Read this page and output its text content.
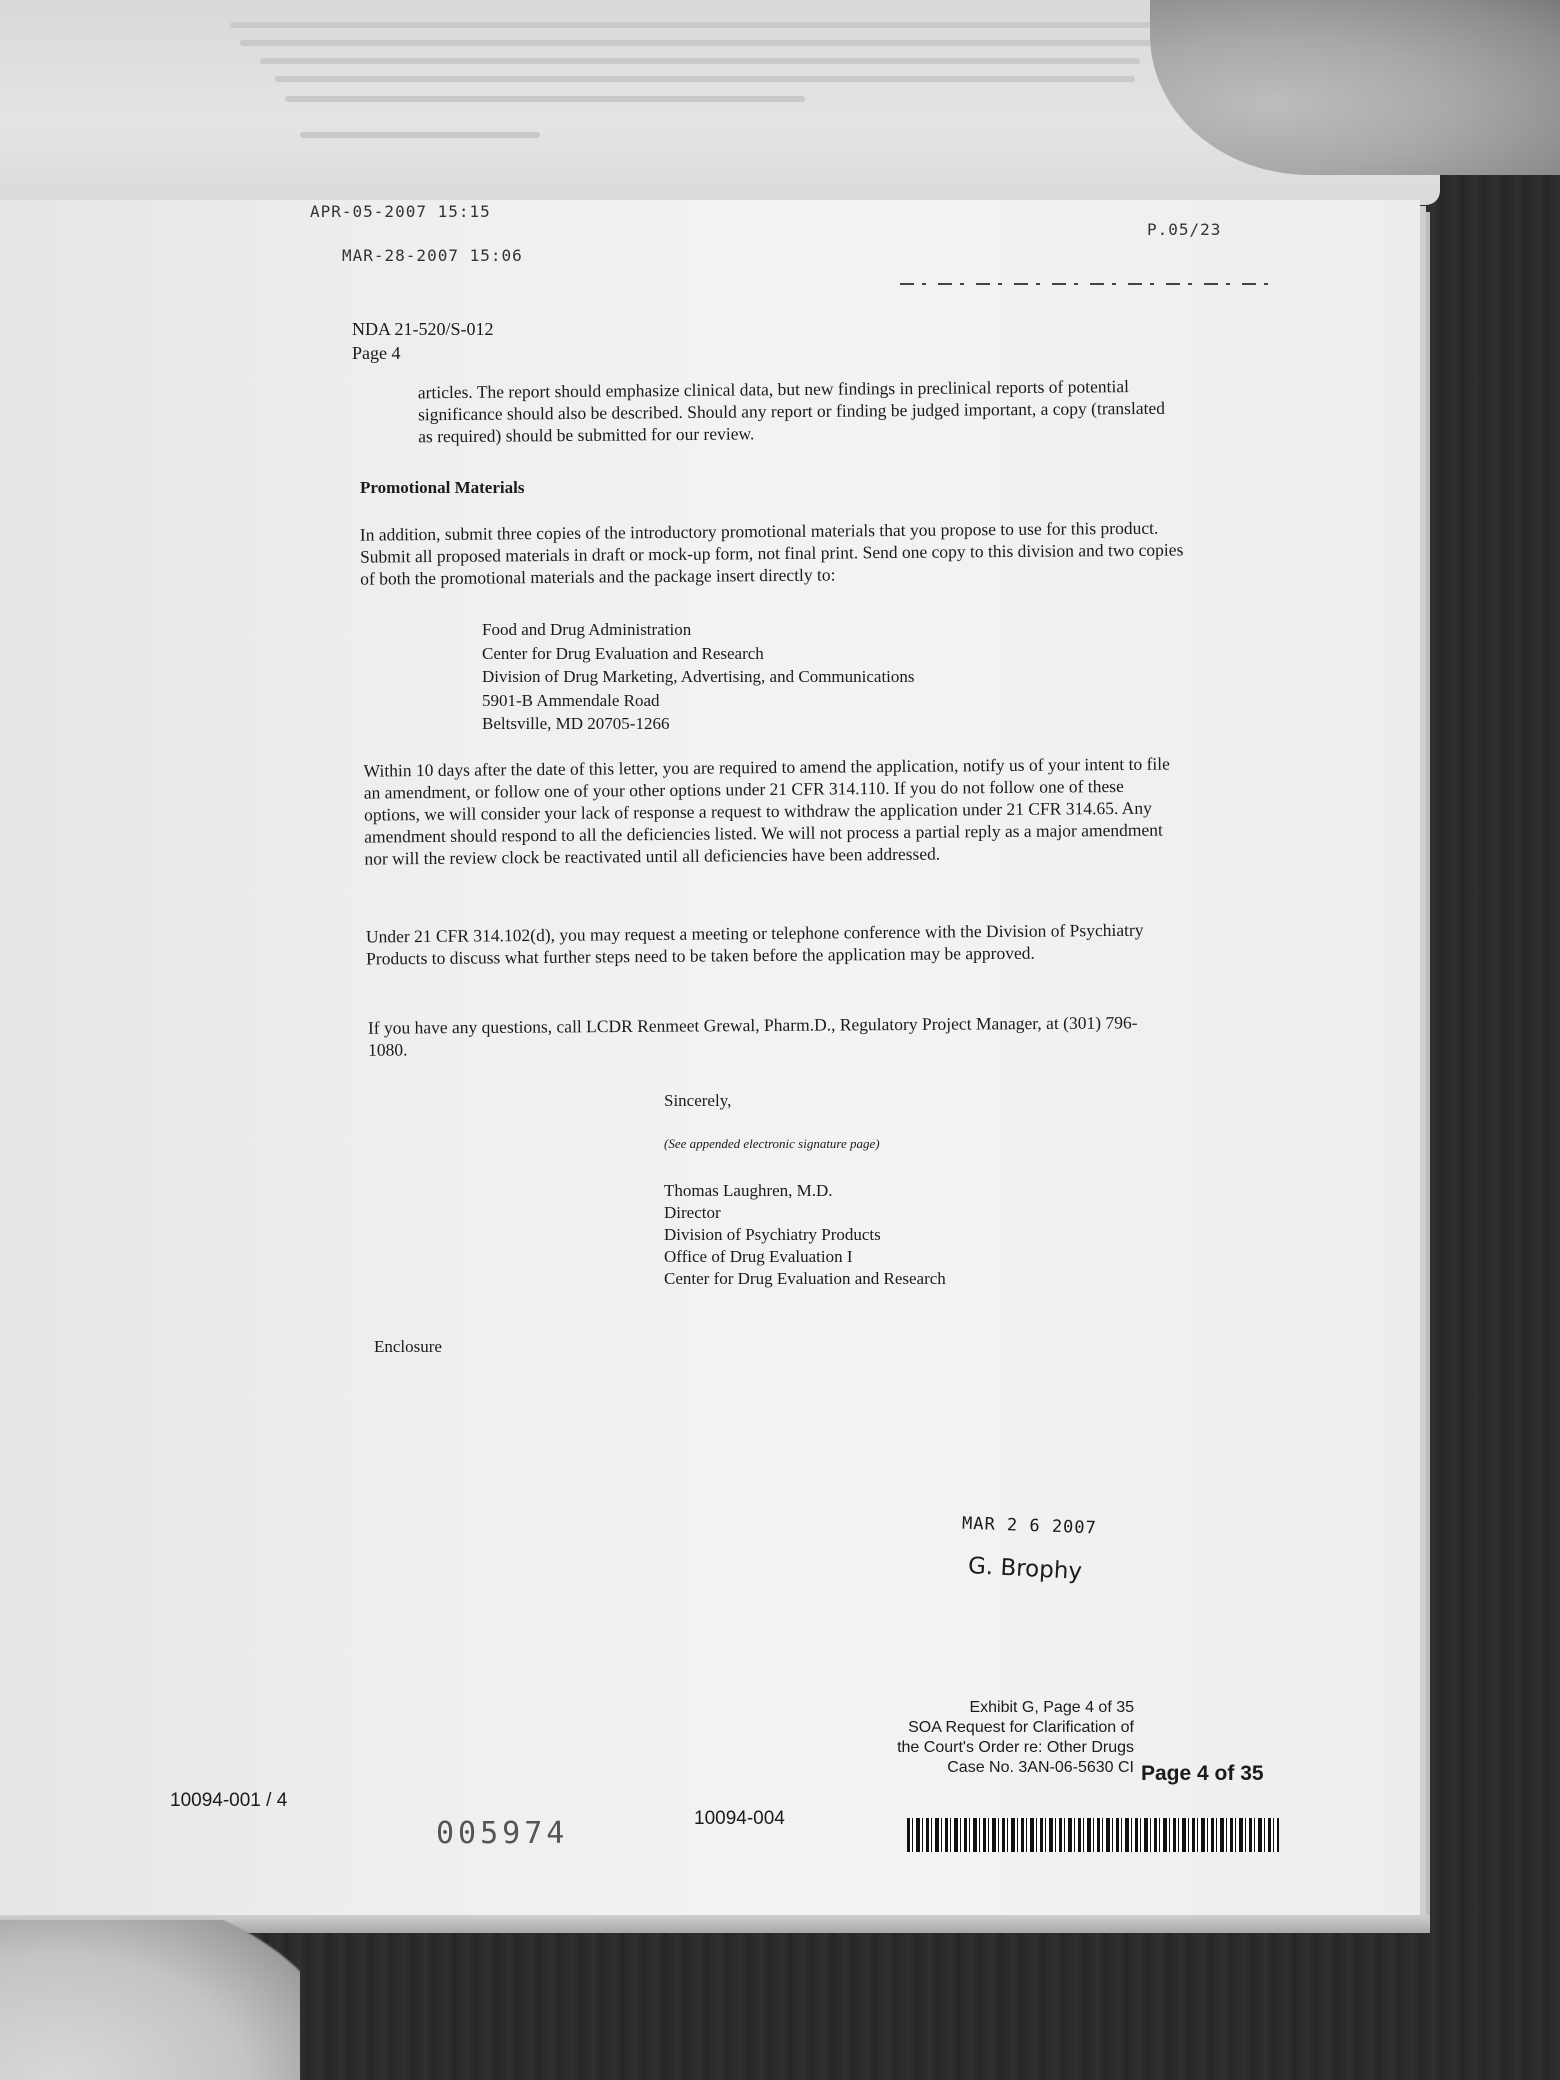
APR-05-2007 15:15
P.05/23
MAR-28-2007 15:06
NDA 21-520/S-012
Page 4
articles. The report should emphasize clinical data, but new findings in preclinical reports of potential significance should also be described. Should any report or finding be judged important, a copy (translated as required) should be submitted for our review.
Promotional Materials
In addition, submit three copies of the introductory promotional materials that you propose to use for this product. Submit all proposed materials in draft or mock-up form, not final print. Send one copy to this division and two copies of both the promotional materials and the package insert directly to:
Food and Drug Administration
Center for Drug Evaluation and Research
Division of Drug Marketing, Advertising, and Communications
5901-B Ammendale Road
Beltsville, MD 20705-1266
Within 10 days after the date of this letter, you are required to amend the application, notify us of your intent to file an amendment, or follow one of your other options under 21 CFR 314.110. If you do not follow one of these options, we will consider your lack of response a request to withdraw the application under 21 CFR 314.65. Any amendment should respond to all the deficiencies listed. We will not process a partial reply as a major amendment nor will the review clock be reactivated until all deficiencies have been addressed.
Under 21 CFR 314.102(d), you may request a meeting or telephone conference with the Division of Psychiatry Products to discuss what further steps need to be taken before the application may be approved.
If you have any questions, call LCDR Renmeet Grewal, Pharm.D., Regulatory Project Manager, at (301) 796-1080.
Sincerely,
(See appended electronic signature page)
Thomas Laughren, M.D.
Director
Division of Psychiatry Products
Office of Drug Evaluation I
Center for Drug Evaluation and Research
Enclosure
MAR 2 6 2007
G. Brophy
Exhibit G, Page 4 of 35
SOA Request for Clarification of
the Court's Order re: Other Drugs
Case No. 3AN-06-5630 CI Page 4 of 35
10094-001 / 4
005974	10094-004
